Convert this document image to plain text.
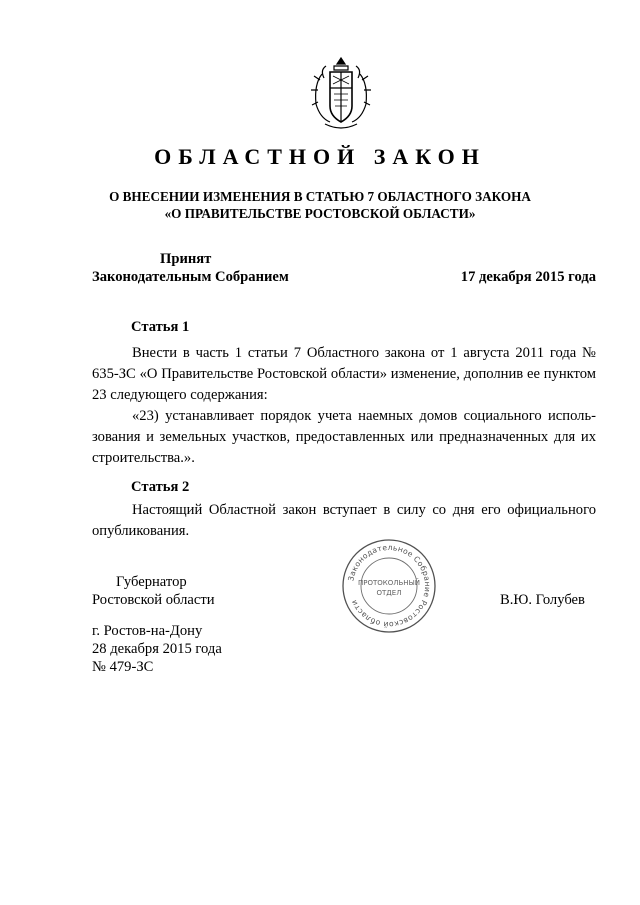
ОБЛАСТНОЙ ЗАКОН
О ВНЕСЕНИИ ИЗМЕНЕНИЯ В СТАТЬЮ 7 ОБЛАСТНОГО ЗАКОНА
«О ПРАВИТЕЛЬСТВЕ РОСТОВСКОЙ ОБЛАСТИ»
Принят
Законодательным Собранием	17 декабря 2015 года
Статья 1
Внести в часть 1 статьи 7 Областного закона от 1 августа 2011 года № 635-ЗС «О Правительстве Ростовской области» изменение, дополнив ее пунктом 23 следующего содержания:
«23) устанавливает порядок учета наемных домов социального использования и земельных участков, предоставленных или предназначенных для их строительства.».
Статья 2
Настоящий Областной закон вступает в силу со дня его официального опубликования.
Губернатор
Ростовской области	В.Ю. Голубев
г. Ростов-на-Дону
28 декабря 2015 года
№ 479-ЗС
Законодательное Собрание Ростовской области
ПРОТОКОЛЬНЫЙ
ОТДЕЛ
